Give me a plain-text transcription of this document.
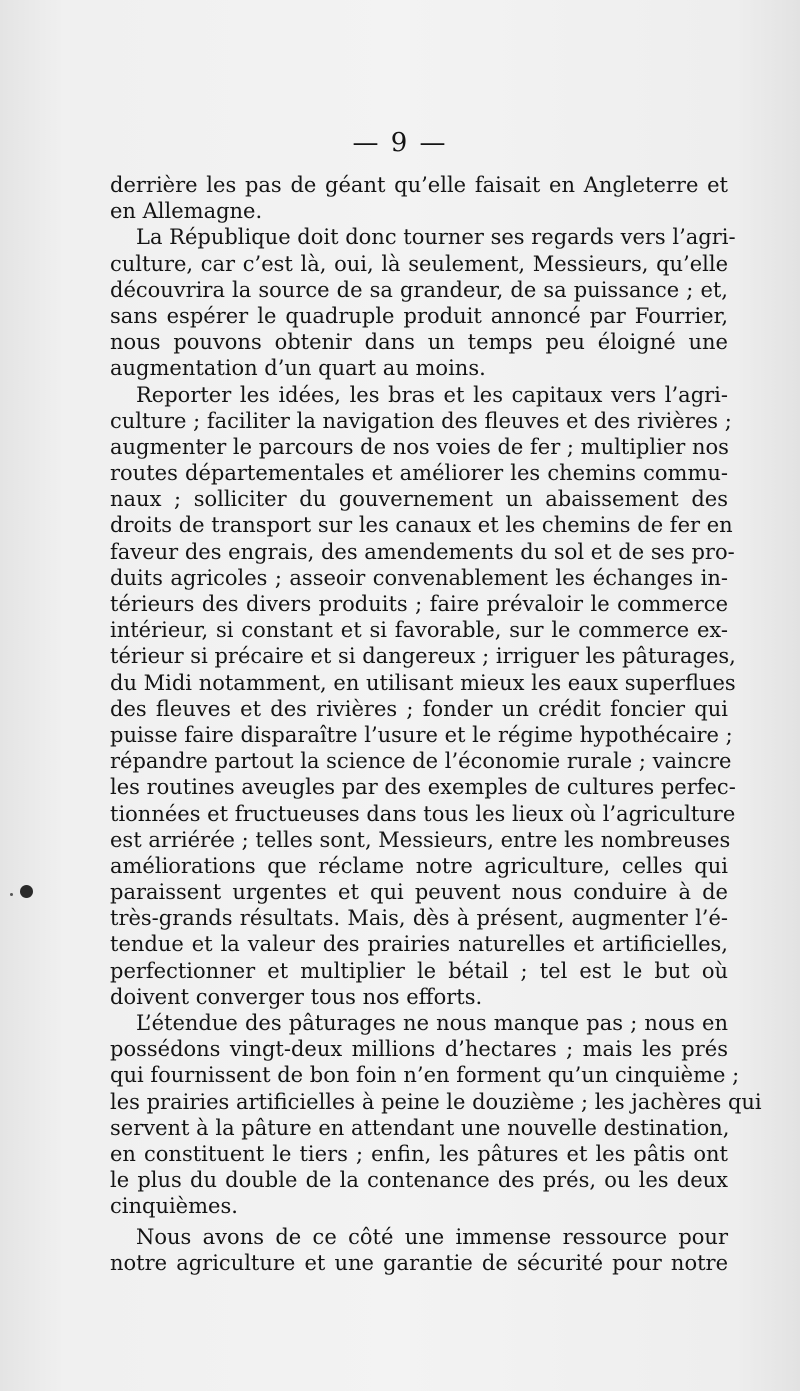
— 9 —
derrière les pas de géant qu’elle faisait en Angleterre et
en Allemagne.
La République doit donc tourner ses regards vers l’agri-
culture, car c’est là, oui, là seulement, Messieurs, qu’elle
découvrira la source de sa grandeur, de sa puissance ; et,
sans espérer le quadruple produit annoncé par Fourrier,
nous pouvons obtenir dans un temps peu éloigné une
augmentation d’un quart au moins.
Reporter les idées, les bras et les capitaux vers l’agri-
culture ; faciliter la navigation des fleuves et des rivières ;
augmenter le parcours de nos voies de fer ; multiplier nos
routes départementales et améliorer les chemins commu-
naux ; solliciter du gouvernement un abaissement des
droits de transport sur les canaux et les chemins de fer en
faveur des engrais, des amendements du sol et de ses pro-
duits agricoles ; asseoir convenablement les échanges in-
térieurs des divers produits ; faire prévaloir le commerce
intérieur, si constant et si favorable, sur le commerce ex-
térieur si précaire et si dangereux ; irriguer les pâturages,
du Midi notamment, en utilisant mieux les eaux superflues
des fleuves et des rivières ; fonder un crédit foncier qui
puisse faire disparaître l’usure et le régime hypothécaire ;
répandre partout la science de l’économie rurale ; vaincre
les routines aveugles par des exemples de cultures perfec-
tionnées et fructueuses dans tous les lieux où l’agriculture
est arriérée ; telles sont, Messieurs, entre les nombreuses
améliorations que réclame notre agriculture, celles qui
paraissent urgentes et qui peuvent nous conduire à de
très-grands résultats. Mais, dès à présent, augmenter l’é-
tendue et la valeur des prairies naturelles et artificielles,
perfectionner et multiplier le bétail ; tel est le but où
doivent converger tous nos efforts.
L’étendue des pâturages ne nous manque pas ; nous en
possédons vingt-deux millions d’hectares ; mais les prés
qui fournissent de bon foin n’en forment qu’un cinquième ;
les prairies artificielles à peine le douzième ; les jachères qui
servent à la pâture en attendant une nouvelle destination,
en constituent le tiers ; enfin, les pâtures et les pâtis ont
le plus du double de la contenance des prés, ou les deux
cinquièmes.
Nous avons de ce côté une immense ressource pour
notre agriculture et une garantie de sécurité pour notre
